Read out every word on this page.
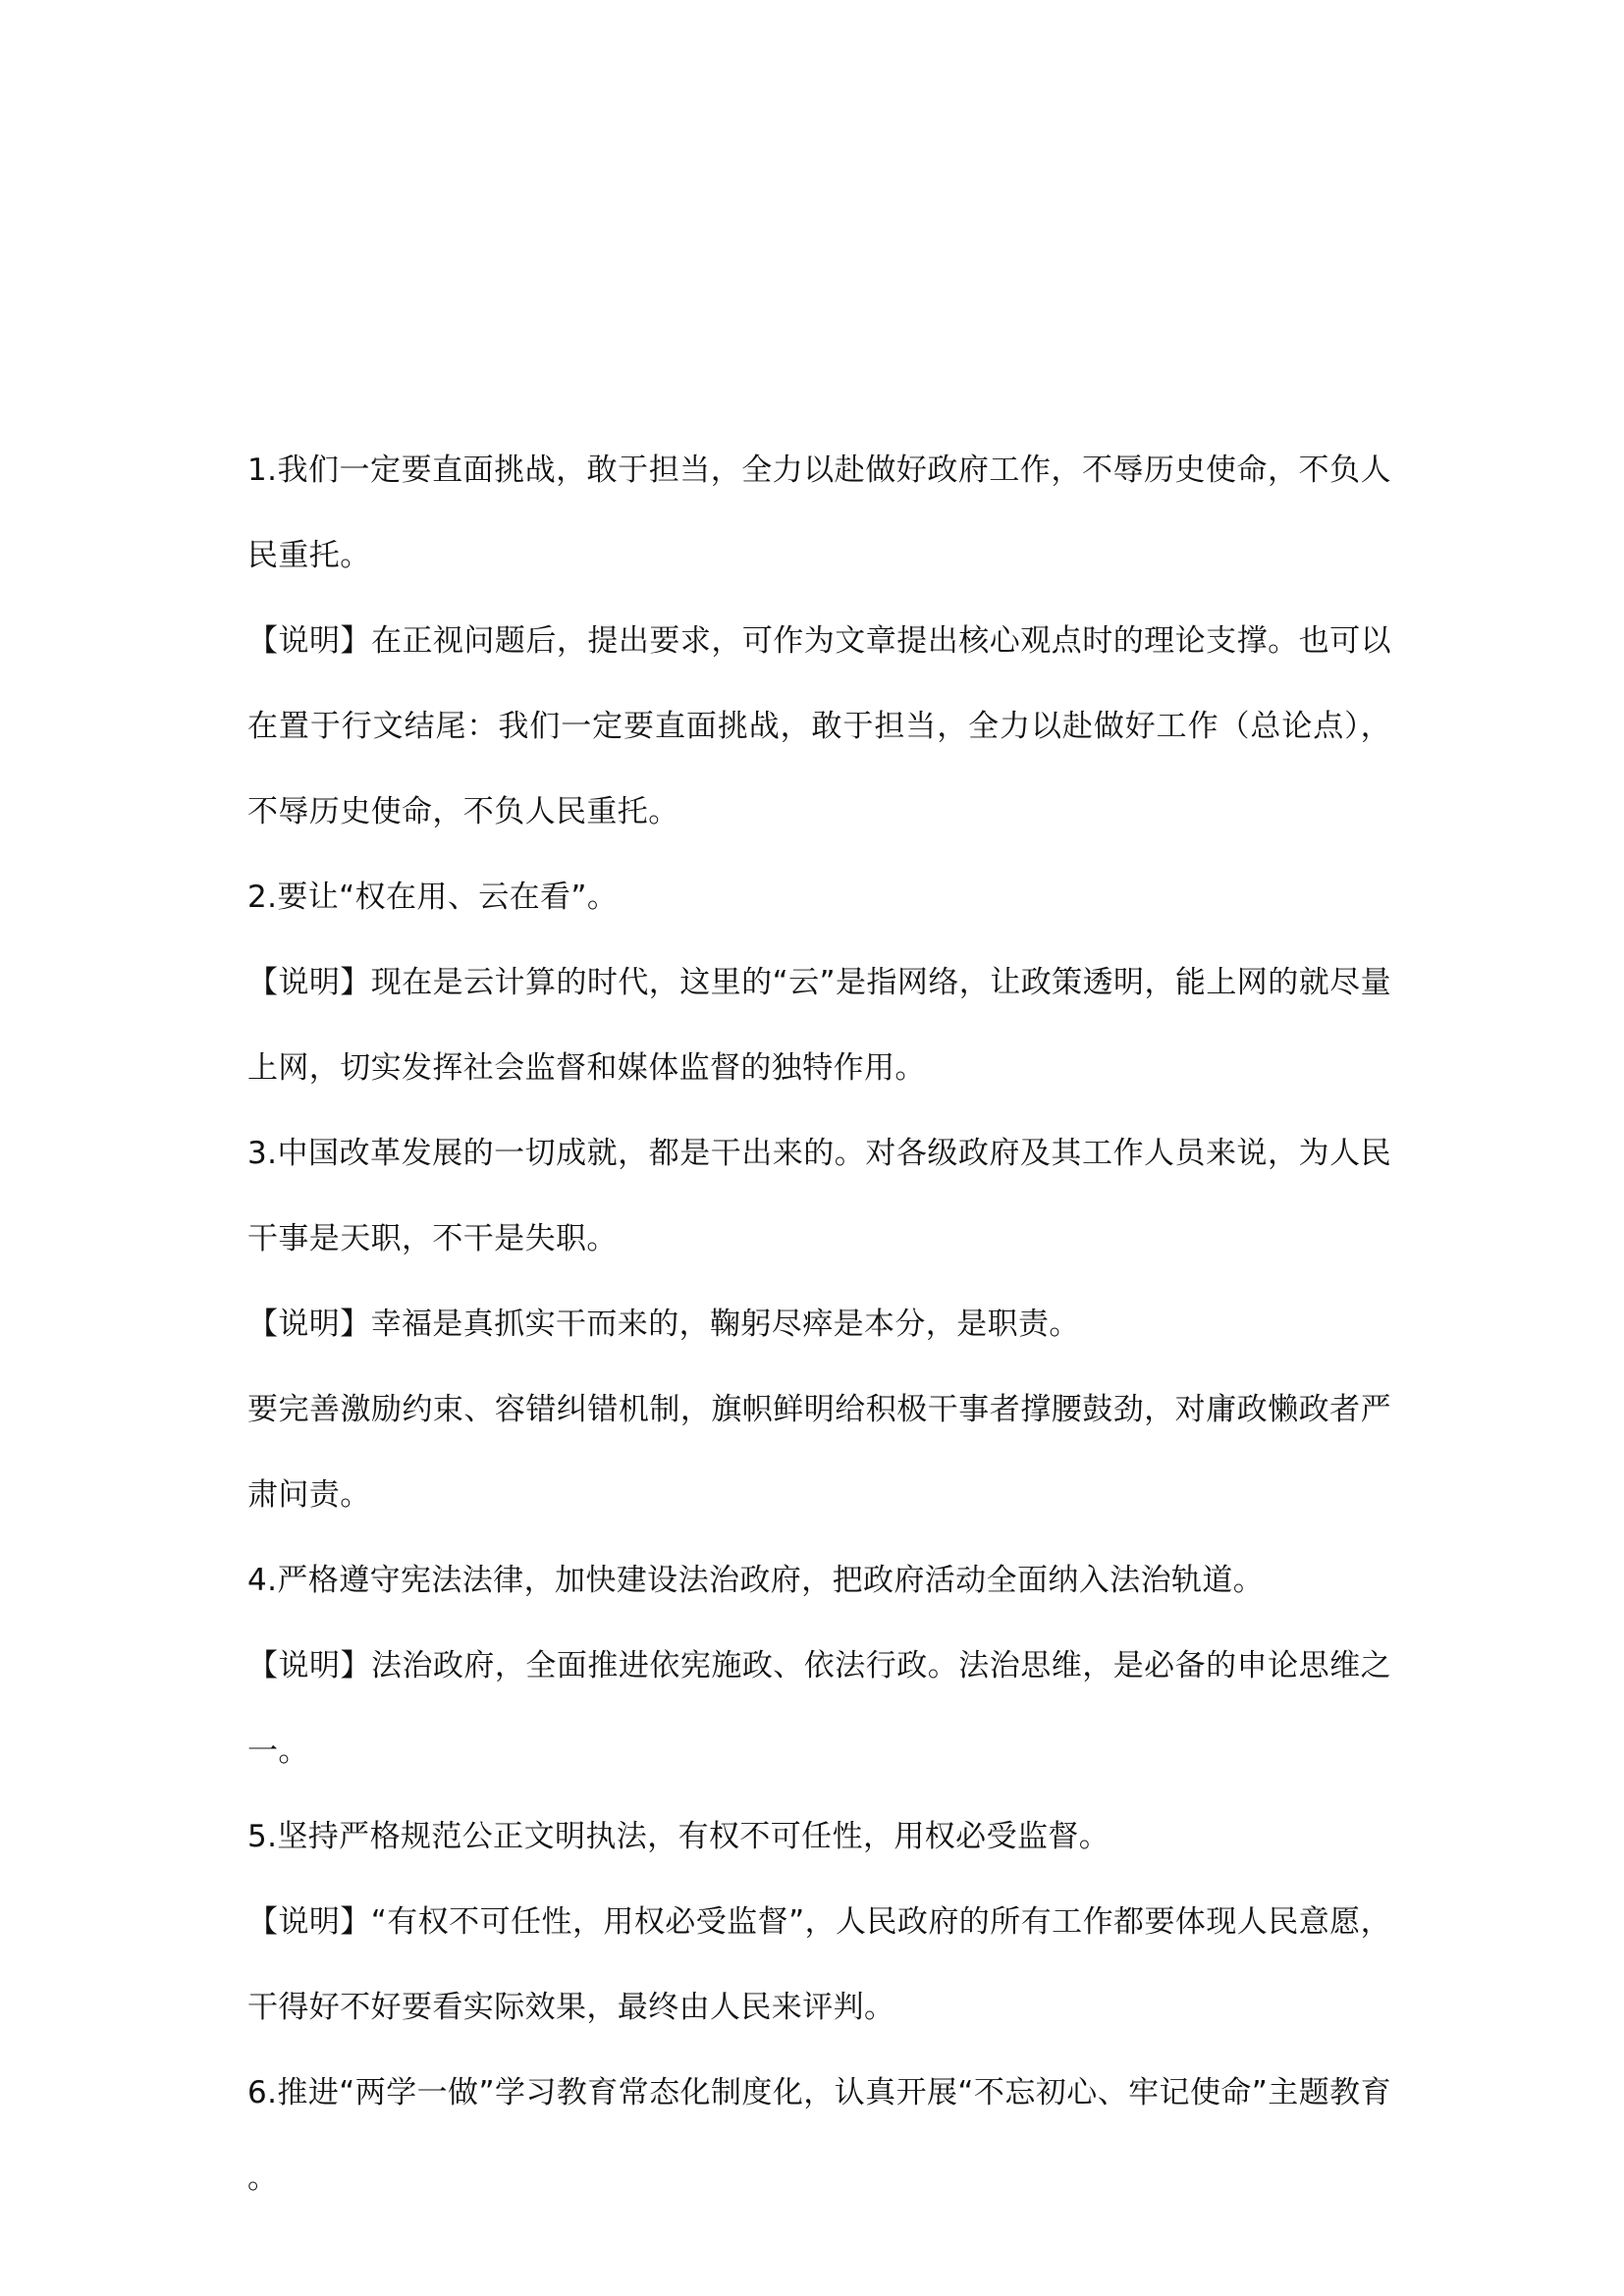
1.我们一定要直面挑战，敢于担当，全力以赴做好政府工作，不辱历史使命，不负人民重托。

【说明】在正视问题后，提出要求，可作为文章提出核心观点时的理论支撑。也可以在置于行文结尾：我们一定要直面挑战，敢于担当，全力以赴做好工作（总论点），不辱历史使命，不负人民重托。

2.要让“权在用、云在看”。

【说明】现在是云计算的时代，这里的“云”是指网络，让政策透明，能上网的就尽量上网，切实发挥社会监督和媒体监督的独特作用。

3.中国改革发展的一切成就，都是干出来的。对各级政府及其工作人员来说，为人民干事是天职，不干是失职。

【说明】幸福是真抓实干而来的，鞠躬尽瘁是本分，是职责。

要完善激励约束、容错纠错机制，旗帜鲜明给积极干事者撑腰鼓劲，对庸政懒政者严肃问责。

4.严格遵守宪法法律，加快建设法治政府，把政府活动全面纳入法治轨道。

【说明】法治政府，全面推进依宪施政、依法行政。法治思维，是必备的申论思维之一。

5.坚持严格规范公正文明执法，有权不可任性，用权必受监督。

【说明】“有权不可任性，用权必受监督”，人民政府的所有工作都要体现人民意愿，干得好不好要看实际效果，最终由人民来评判。

6.推进“两学一做”学习教育常态化制度化，认真开展“不忘初心、牢记使命”主题教育。
